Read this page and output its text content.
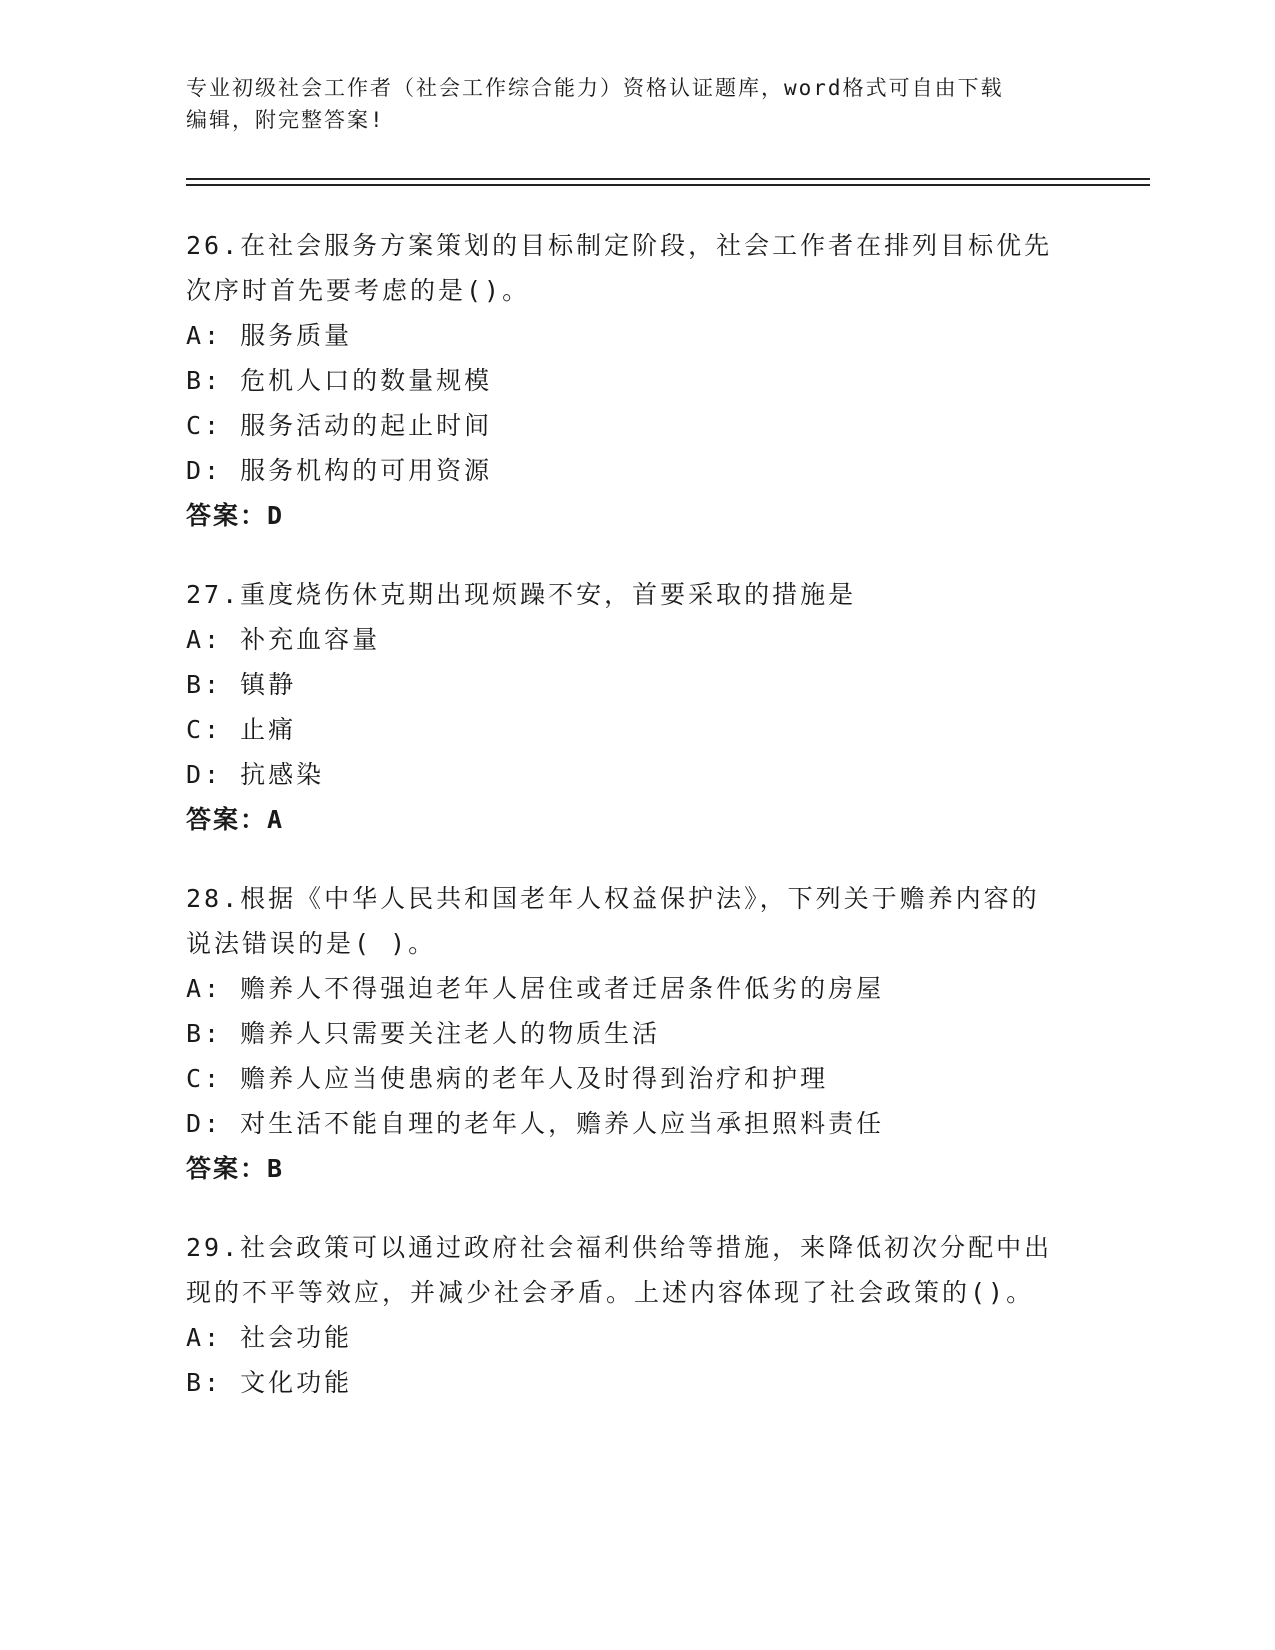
专业初级社会工作者（社会工作综合能力）资格认证题库，word格式可自由下载
编辑，附完整答案!

26.在社会服务方案策划的目标制定阶段，社会工作者在排列目标优先

次序时首先要考虑的是()。

A: 服务质量

B: 危机人口的数量规模

C: 服务活动的起止时间

D: 服务机构的可用资源

答案：D

27.重度烧伤休克期出现烦躁不安，首要采取的措施是

A: 补充血容量

B: 镇静

C: 止痛

D: 抗感染

答案：A

28.根据《中华人民共和国老年人权益保护法》，下列关于赡养内容的

说法错误的是( )。

A: 赡养人不得强迫老年人居住或者迁居条件低劣的房屋

B: 赡养人只需要关注老人的物质生活

C: 赡养人应当使患病的老年人及时得到治疗和护理

D: 对生活不能自理的老年人，赡养人应当承担照料责任

答案：B

29.社会政策可以通过政府社会福利供给等措施，来降低初次分配中出

现的不平等效应，并减少社会矛盾。上述内容体现了社会政策的()。

A: 社会功能

B: 文化功能
